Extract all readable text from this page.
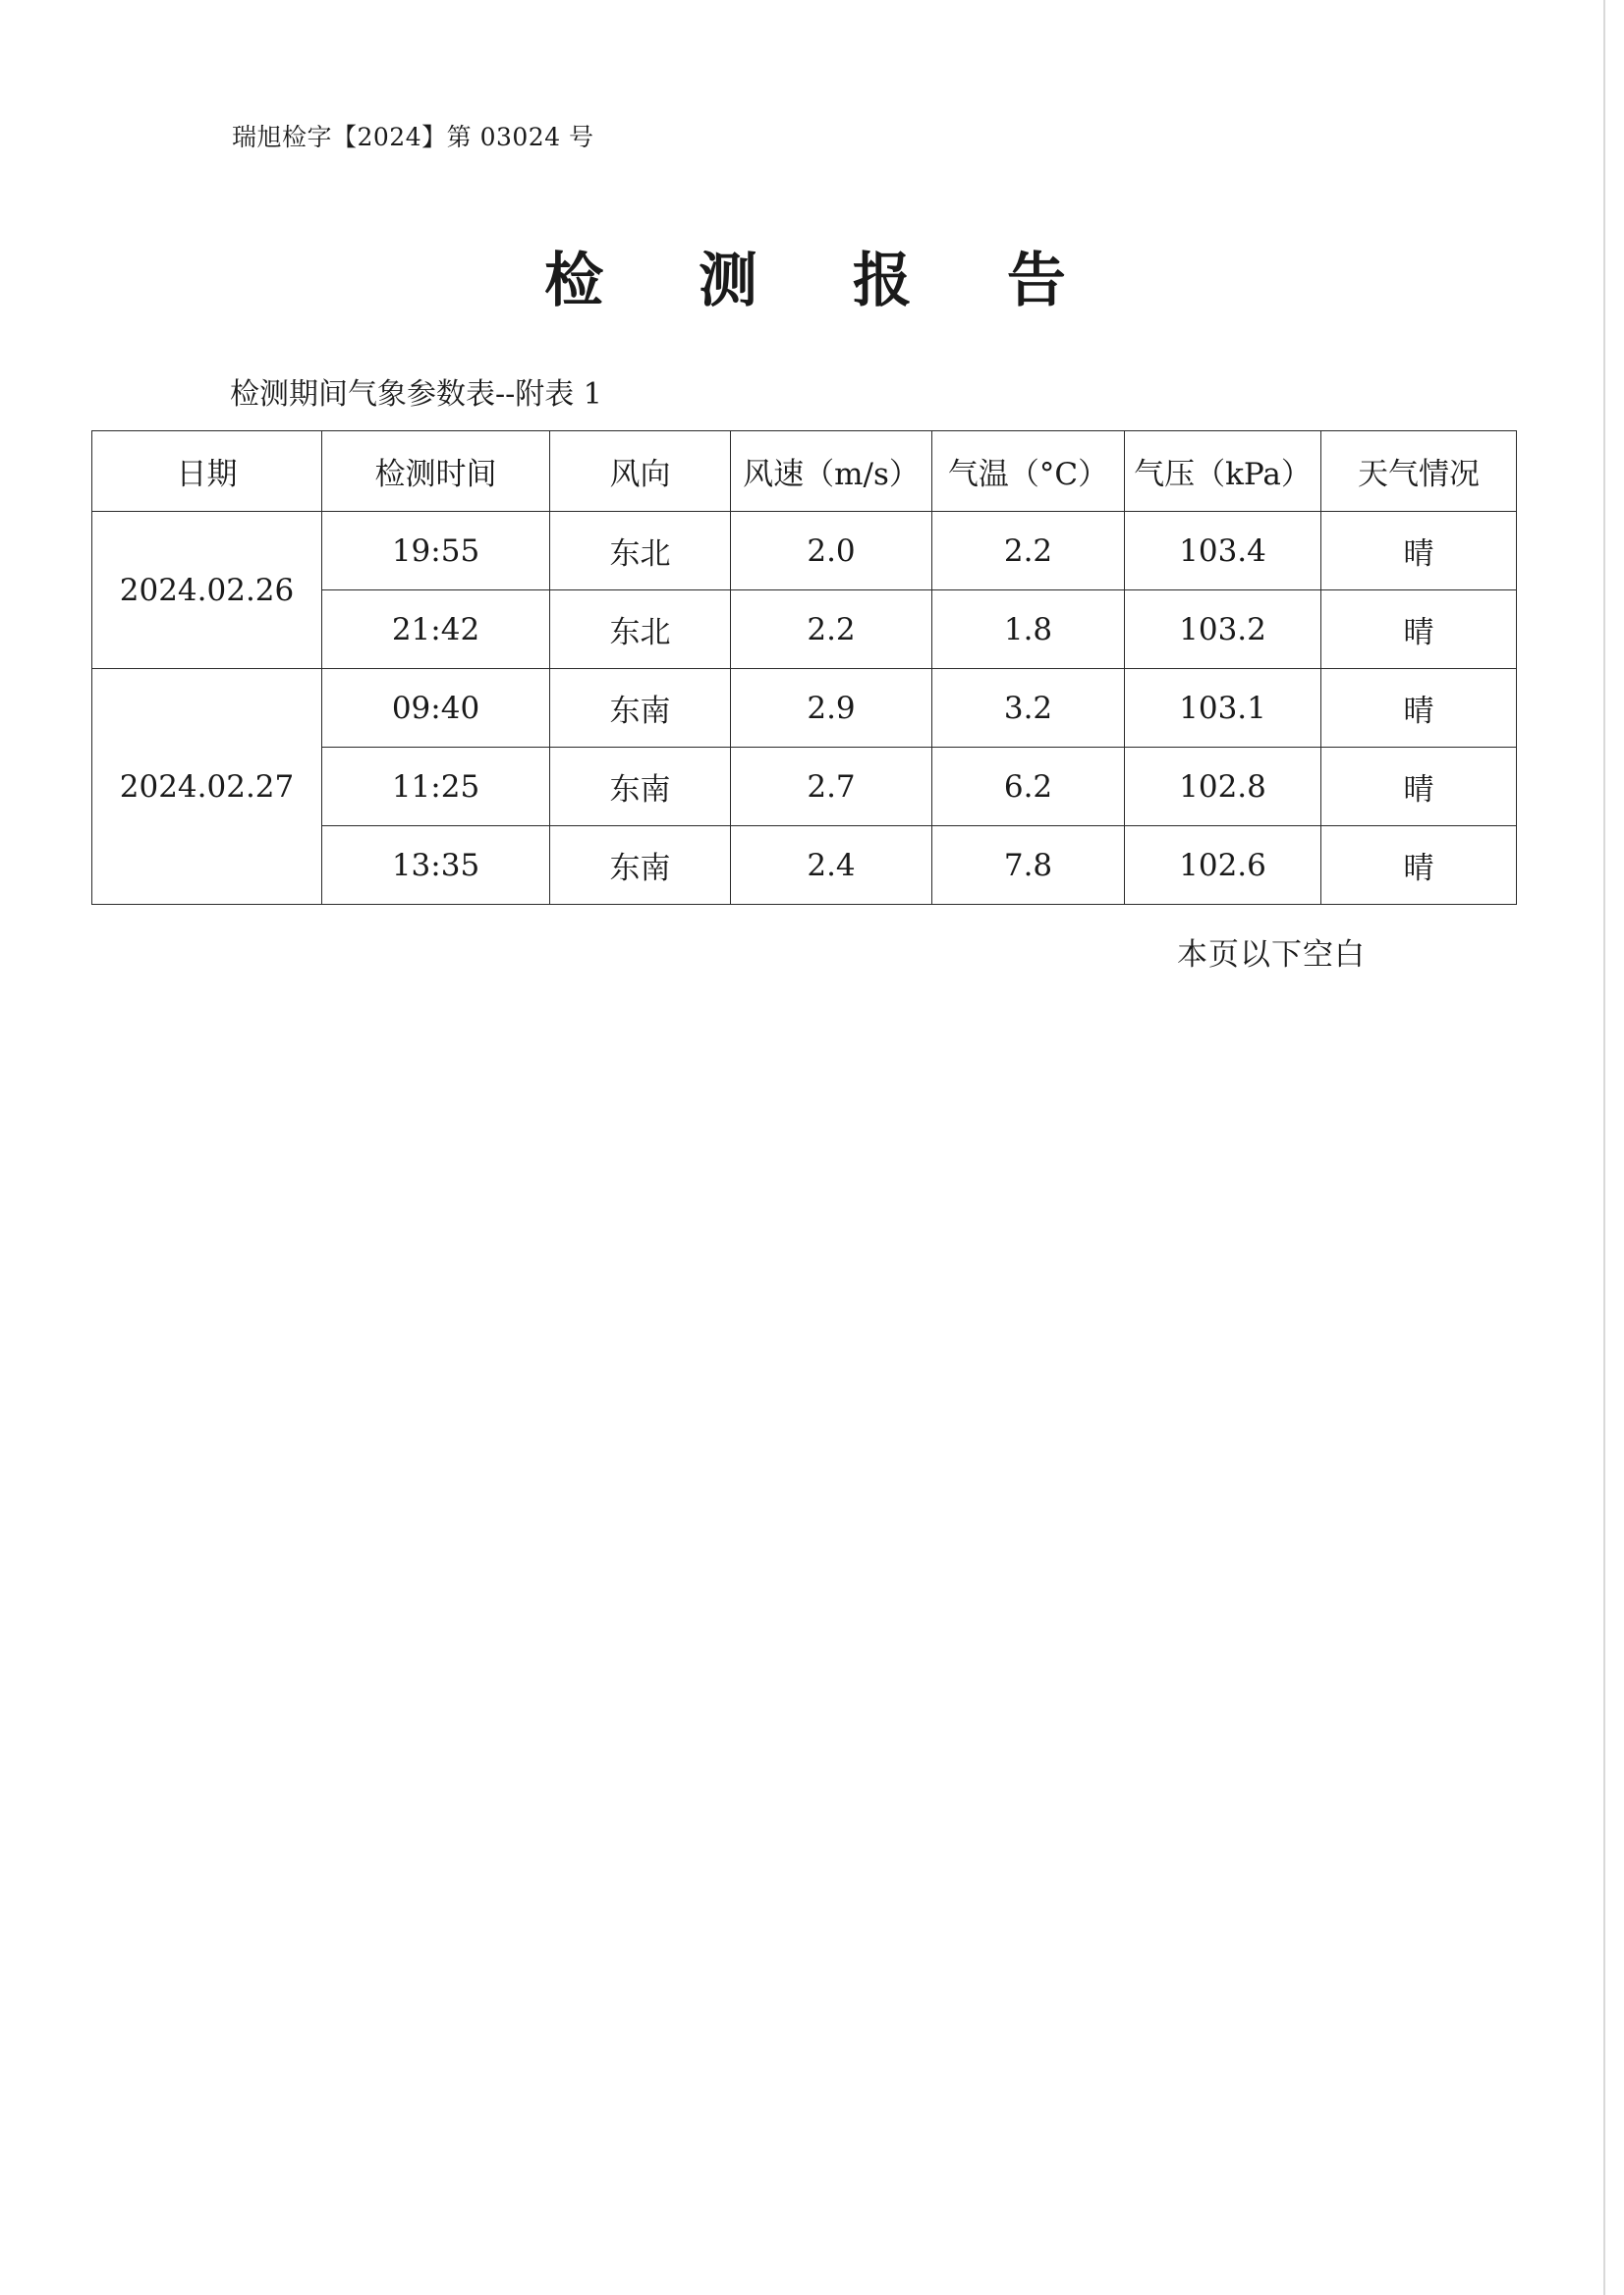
瑞旭检字【2024】第 03024 号
检 测 报 告
检测期间气象参数表--附表 1
日期	检测时间	风向	风速（m/s）	气温（°C）	气压（kPa）	天气情况
2024.02.26	19:55	东北	2.0	2.2	103.4	晴
	21:42	东北	2.2	1.8	103.2	晴
2024.02.27	09:40	东南	2.9	3.2	103.1	晴
	11:25	东南	2.7	6.2	102.8	晴
	13:35	东南	2.4	7.8	102.6	晴
本页以下空白
